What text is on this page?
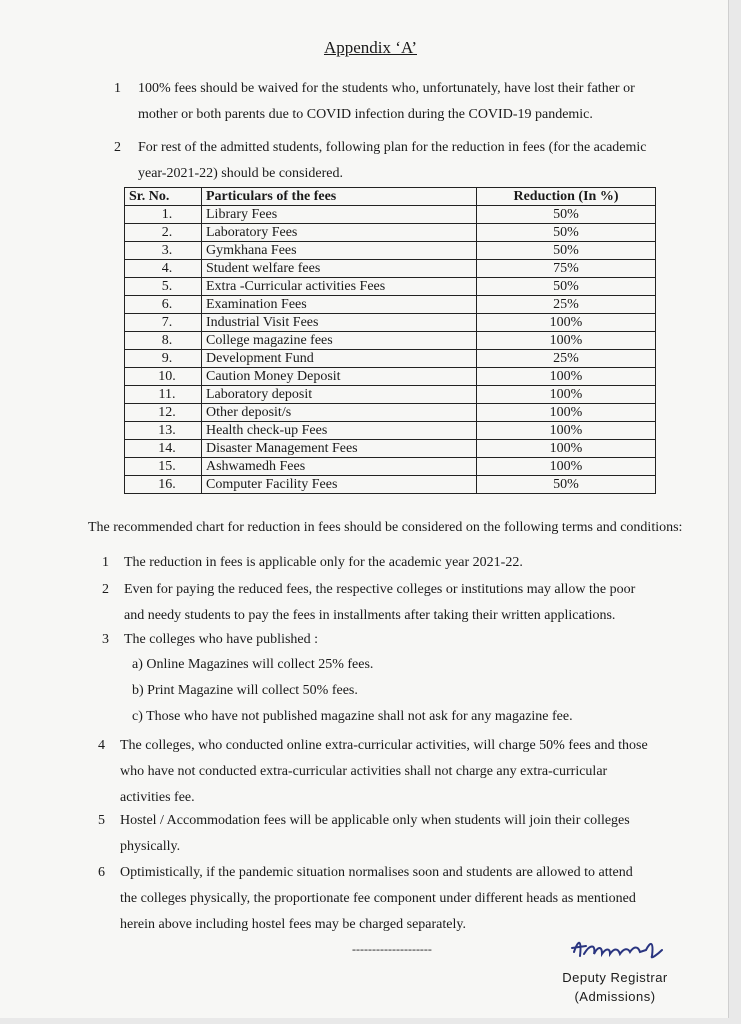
Appendix ‘A’
1 100% fees should be waived for the students who, unfortunately, have lost their father or
mother or both parents due to COVID infection during the COVID-19 pandemic.
2 For rest of the admitted students, following plan for the reduction in fees (for the academic
year-2021-22) should be considered.
Sr. No.	Particulars of the fees	Reduction (In %)
1.	Library Fees	50%
2.	Laboratory Fees	50%
3.	Gymkhana Fees	50%
4.	Student welfare fees	75%
5.	Extra -Curricular activities Fees	50%
6.	Examination Fees	25%
7.	Industrial Visit Fees	100%
8.	College magazine fees	100%
9.	Development Fund	25%
10.	Caution Money Deposit	100%
11.	Laboratory deposit	100%
12.	Other deposit/s	100%
13.	Health check-up Fees	100%
14.	Disaster Management Fees	100%
15.	Ashwamedh Fees	100%
16.	Computer Facility Fees	50%
The recommended chart for reduction in fees should be considered on the following terms and conditions:
1 The reduction in fees is applicable only for the academic year 2021-22.
2 Even for paying the reduced fees, the respective colleges or institutions may allow the poor
and needy students to pay the fees in installments after taking their written applications.
3 The colleges who have published :
a) Online Magazines will collect 25% fees.
b) Print Magazine will collect 50% fees.
c) Those who have not published magazine shall not ask for any magazine fee.
4 The colleges, who conducted online extra-curricular activities, will charge 50% fees and those
who have not conducted extra-curricular activities shall not charge any extra-curricular
activities fee.
5 Hostel / Accommodation fees will be applicable only when students will join their colleges
physically.
6 Optimistically, if the pandemic situation normalises soon and students are allowed to attend
the colleges physically, the proportionate fee component under different heads as mentioned
herein above including hostel fees may be charged separately.
--------------------
Deputy Registrar
(Admissions)
